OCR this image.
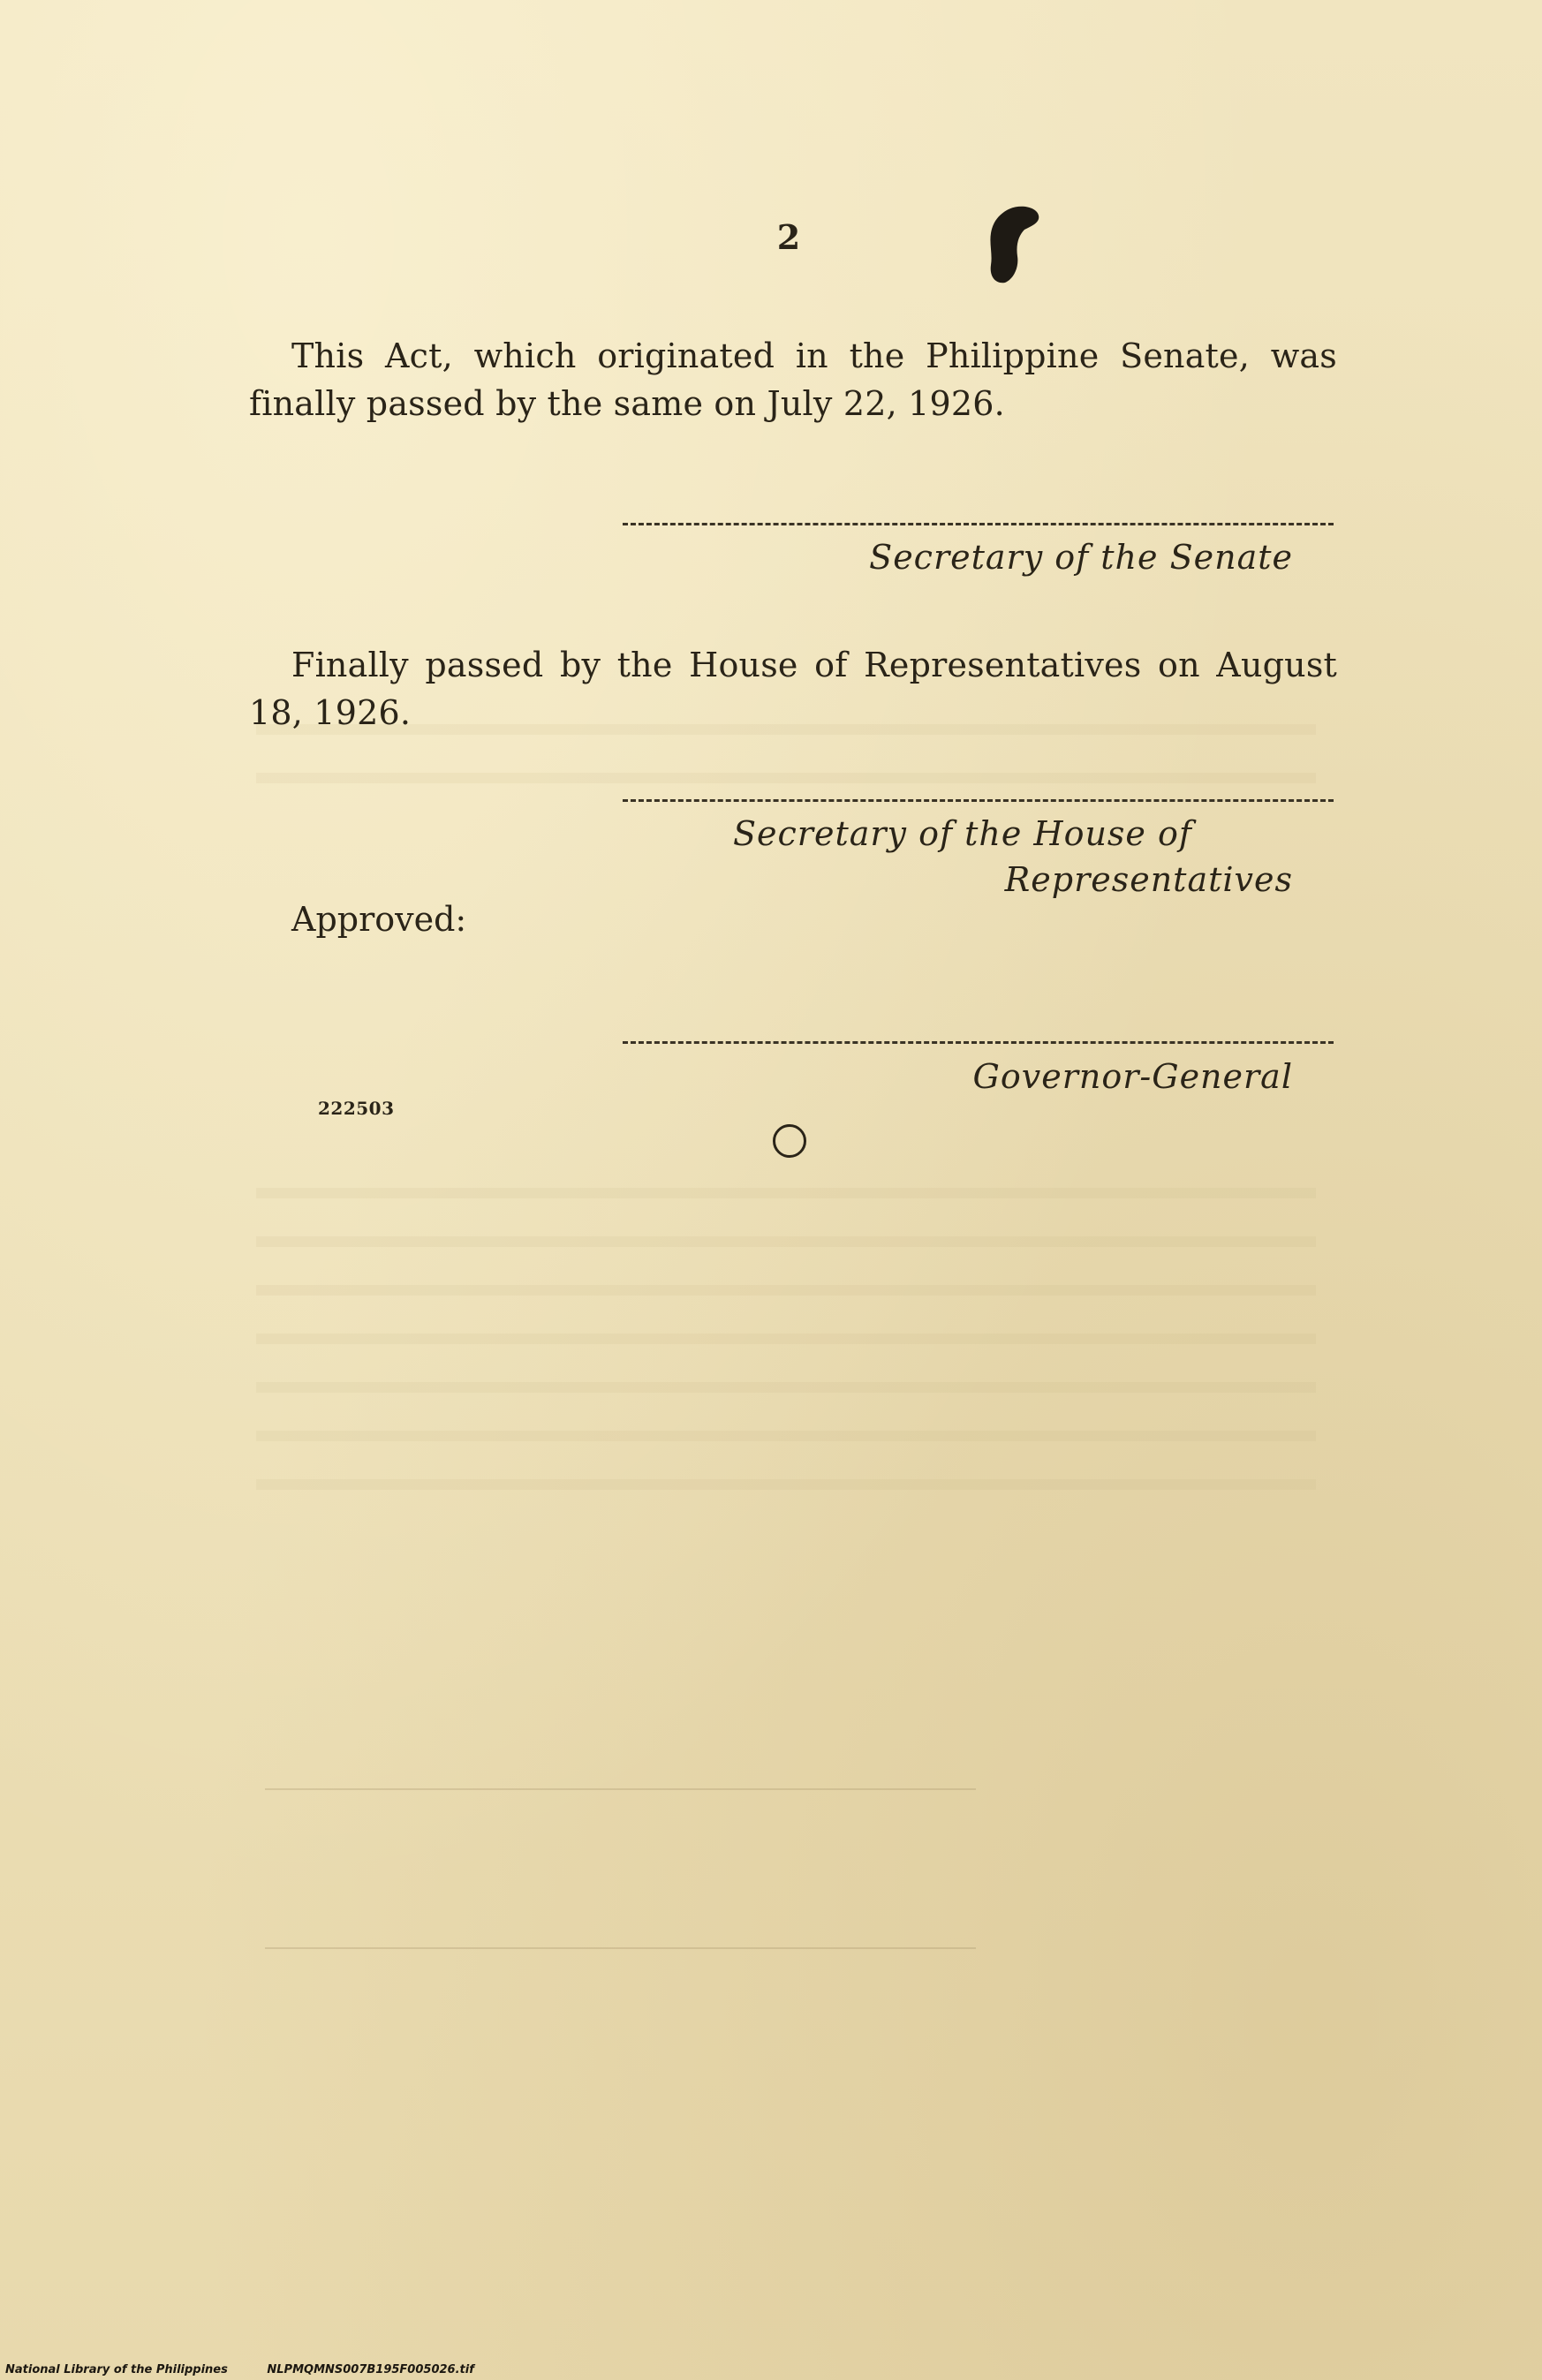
2

This Act, which originated in the Philippine Senate, was finally passed by the same on July 22, 1926.

Secretary of the Senate

Finally passed by the House of Representatives on August 18, 1926.

Secretary of the House of
Representatives
Approved:
Governor-General
222503
National Library of the Philippines	NLPMQMNS007B195F005026.tif
